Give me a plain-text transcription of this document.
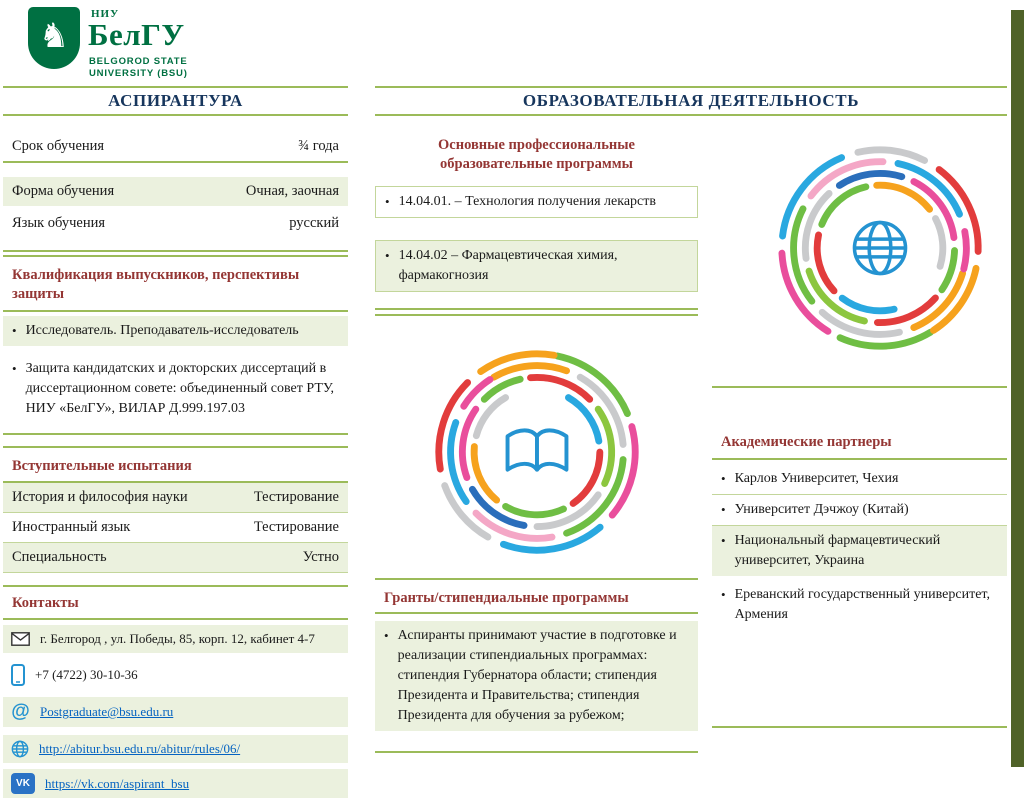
♞
НИУ
БелГУ
BELGOROD STATE
UNIVERSITY (BSU)
ОБРАЗОВАТЕЛЬНАЯ ДЕЯТЕЛЬНОСТЬ
АСПИРАНТУРА
Срок обучения	¾ года
Форма обучения	Очная, заочная
Язык обучения	русский
Квалификация выпускников, перспективы защиты
• Исследователь. Преподаватель-исследователь
• Защита кандидатских и докторских диссертаций в диссертационном совете: объединенный совет РТУ, НИУ «БелГУ», ВИЛАР Д.999.197.03
Вступительные испытания
История и философия науки	Тестирование
Иностранный язык	Тестирование
Специальность	Устно
Контакты
г. Белгород , ул. Победы, 85, корп. 12, кабинет 4-7
+7 (4722) 30-10-36
@ Postgraduate@bsu.edu.ru
http://abitur.bsu.edu.ru/abitur/rules/06/
VK	https://vk.com/aspirant_bsu
Основные профессиональные образовательные программы
• 14.04.01. – Технология получения лекарств
• 14.04.02 – Фармацевтическая химия, фармакогнозия
Гранты/стипендиальные программы
• Аспиранты принимают участие в подготовке и реализации стипендиальных программах: стипендия Губернатора области; стипендия Президента и Правительства; стипендия Президента для обучения за рубежом;
Академические партнеры
• Карлов Университет, Чехия
• Университет Дэчжоу (Китай)
• Национальный фармацевтический университет, Украина
• Ереванский государственный университет, Армения
